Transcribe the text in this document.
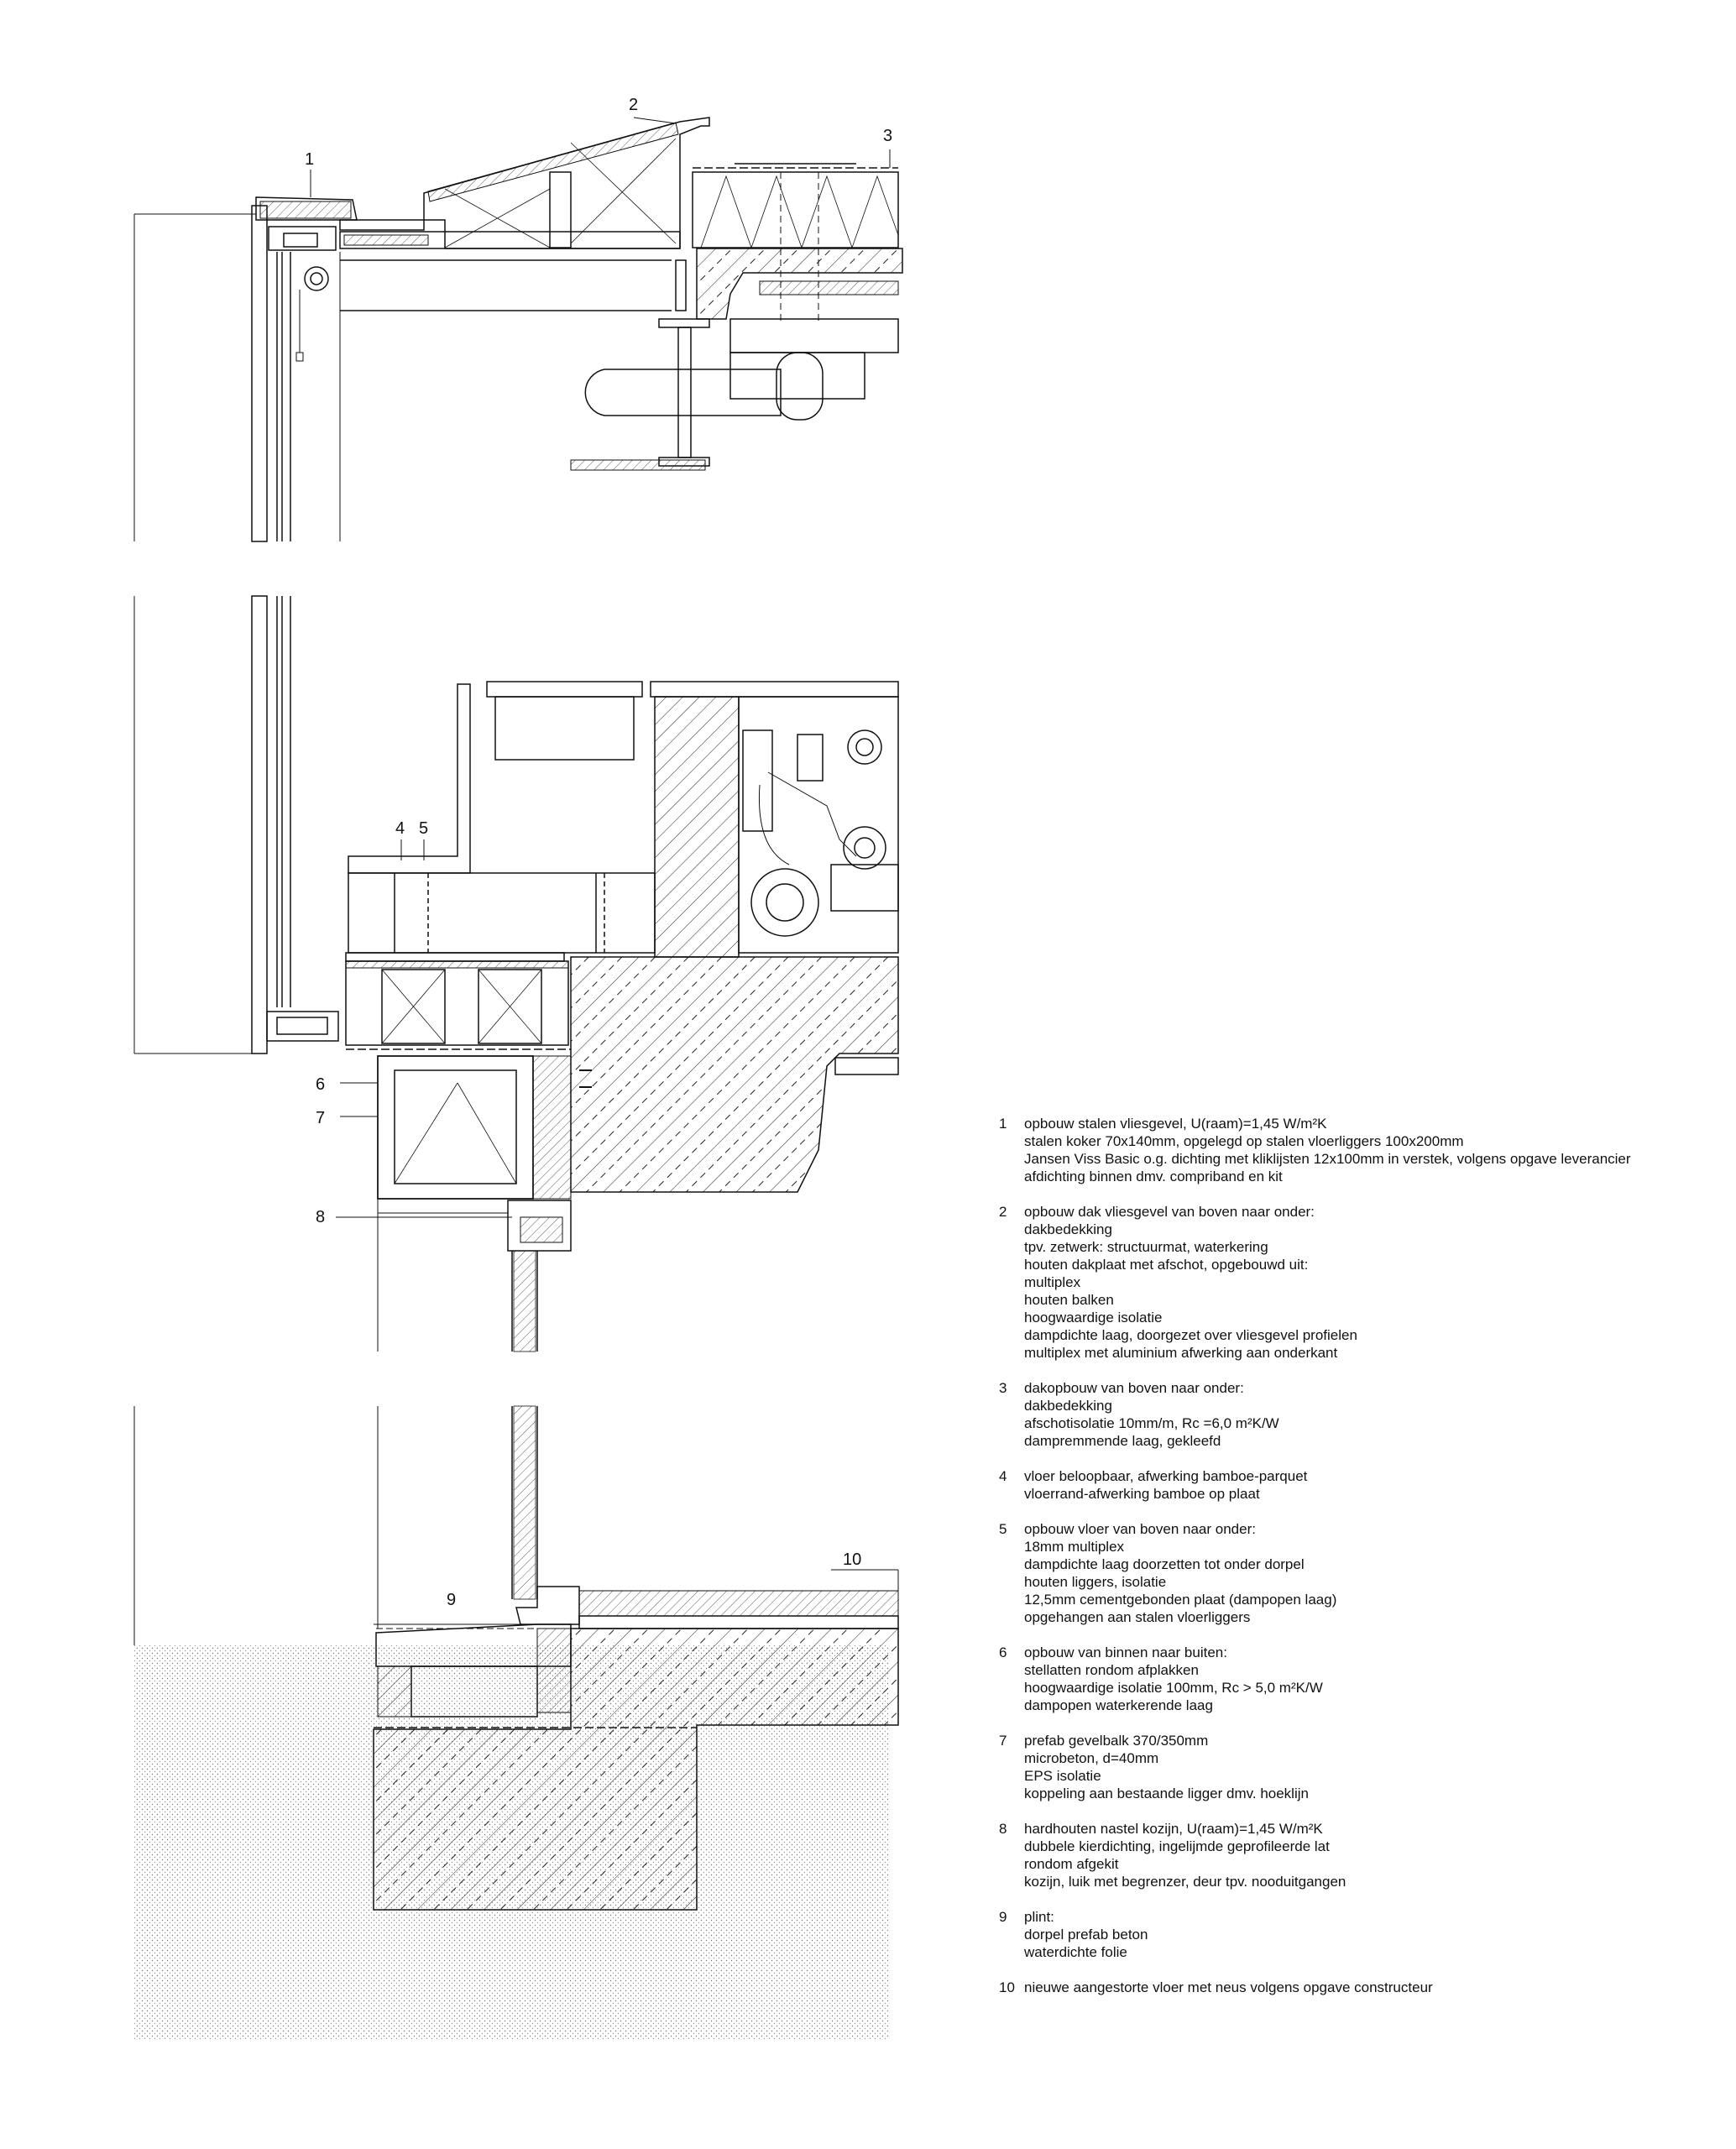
1
2
3
4 5
6
7
8
9
10
1	opbouw stalen vliesgevel, U(raam)=1,45 W/m²K
stalen koker 70x140mm, opgelegd op stalen vloerliggers 100x200mm
Jansen Viss Basic o.g. dichting met kliklijsten 12x100mm in verstek, volgens opgave leverancier
afdichting binnen dmv. compriband en kit
2	opbouw dak vliesgevel van boven naar onder:
dakbedekking
tpv. zetwerk: structuurmat, waterkering
houten dakplaat met afschot, opgebouwd uit:
multiplex
houten balken
hoogwaardige isolatie
dampdichte laag, doorgezet over vliesgevel profielen
multiplex met aluminium afwerking aan onderkant
3	dakopbouw van boven naar onder:
dakbedekking
afschotisolatie 10mm/m, Rc =6,0 m²K/W
dampremmende laag, gekleefd
4	vloer beloopbaar, afwerking bamboe-parquet
vloerrand-afwerking bamboe op plaat
5	opbouw vloer van boven naar onder:
18mm multiplex
dampdichte laag doorzetten tot onder dorpel
houten liggers, isolatie
12,5mm cementgebonden plaat (dampopen laag)
opgehangen aan stalen vloerliggers
6	opbouw van binnen naar buiten:
stellatten rondom afplakken
hoogwaardige isolatie 100mm, Rc > 5,0 m²K/W
dampopen waterkerende laag
7	prefab gevelbalk 370/350mm
microbeton, d=40mm
EPS isolatie
koppeling aan bestaande ligger dmv. hoeklijn
8	hardhouten nastel kozijn, U(raam)=1,45 W/m²K
dubbele kierdichting, ingelijmde geprofileerde lat
rondom afgekit
kozijn, luik met begrenzer, deur tpv. nooduitgangen
9	plint:
dorpel prefab beton
waterdichte folie
10 nieuwe aangestorte vloer met neus volgens opgave constructeur
